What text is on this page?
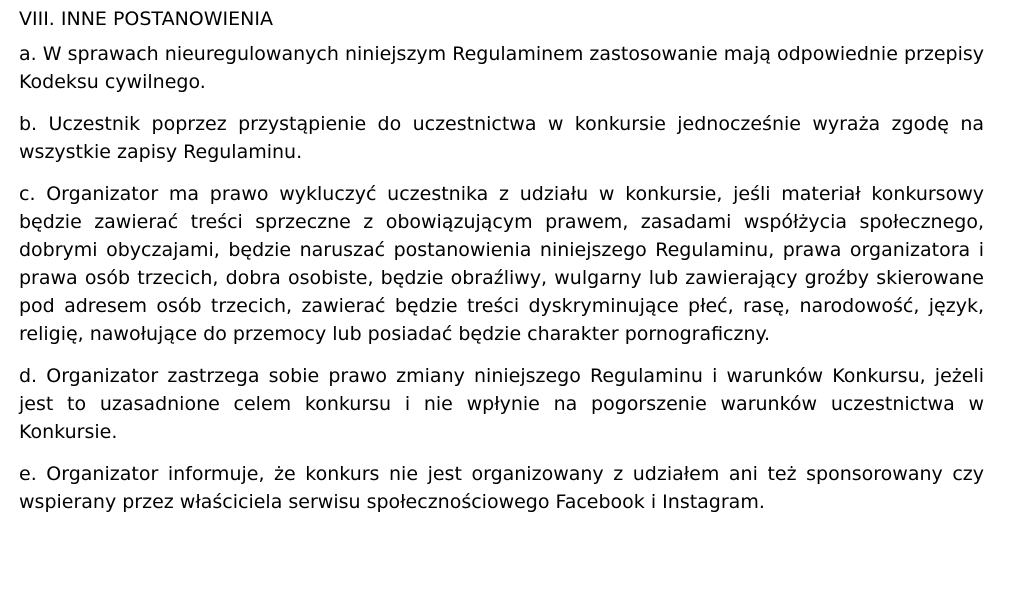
VIII. INNE POSTANOWIENIA

a. W sprawach nieuregulowanych niniejszym Regulaminem zastosowanie mają odpowiednie przepisy Kodeksu cywilnego.

b. Uczestnik poprzez przystąpienie do uczestnictwa w konkursie jednocześnie wyraża zgodę na wszystkie zapisy Regulaminu.

c. Organizator ma prawo wykluczyć uczestnika z udziału w konkursie, jeśli materiał konkursowy będzie zawierać treści sprzeczne z obowiązującym prawem, zasadami współżycia społecznego, dobrymi obyczajami, będzie naruszać postanowienia niniejszego Regulaminu, prawa organizatora i prawa osób trzecich, dobra osobiste, będzie obraźliwy, wulgarny lub zawierający groźby skierowane pod adresem osób trzecich, zawierać będzie treści dyskryminujące płeć, rasę, narodowość, język, religię, nawołujące do przemocy lub posiadać będzie charakter pornograficzny.

d. Organizator zastrzega sobie prawo zmiany niniejszego Regulaminu i warunków Konkursu, jeżeli jest to uzasadnione celem konkursu i nie wpłynie na pogorszenie warunków uczestnictwa w Konkursie.

e. Organizator informuje, że konkurs nie jest organizowany z udziałem ani też sponsorowany czy wspierany przez właściciela serwisu społecznościowego Facebook i Instagram.
